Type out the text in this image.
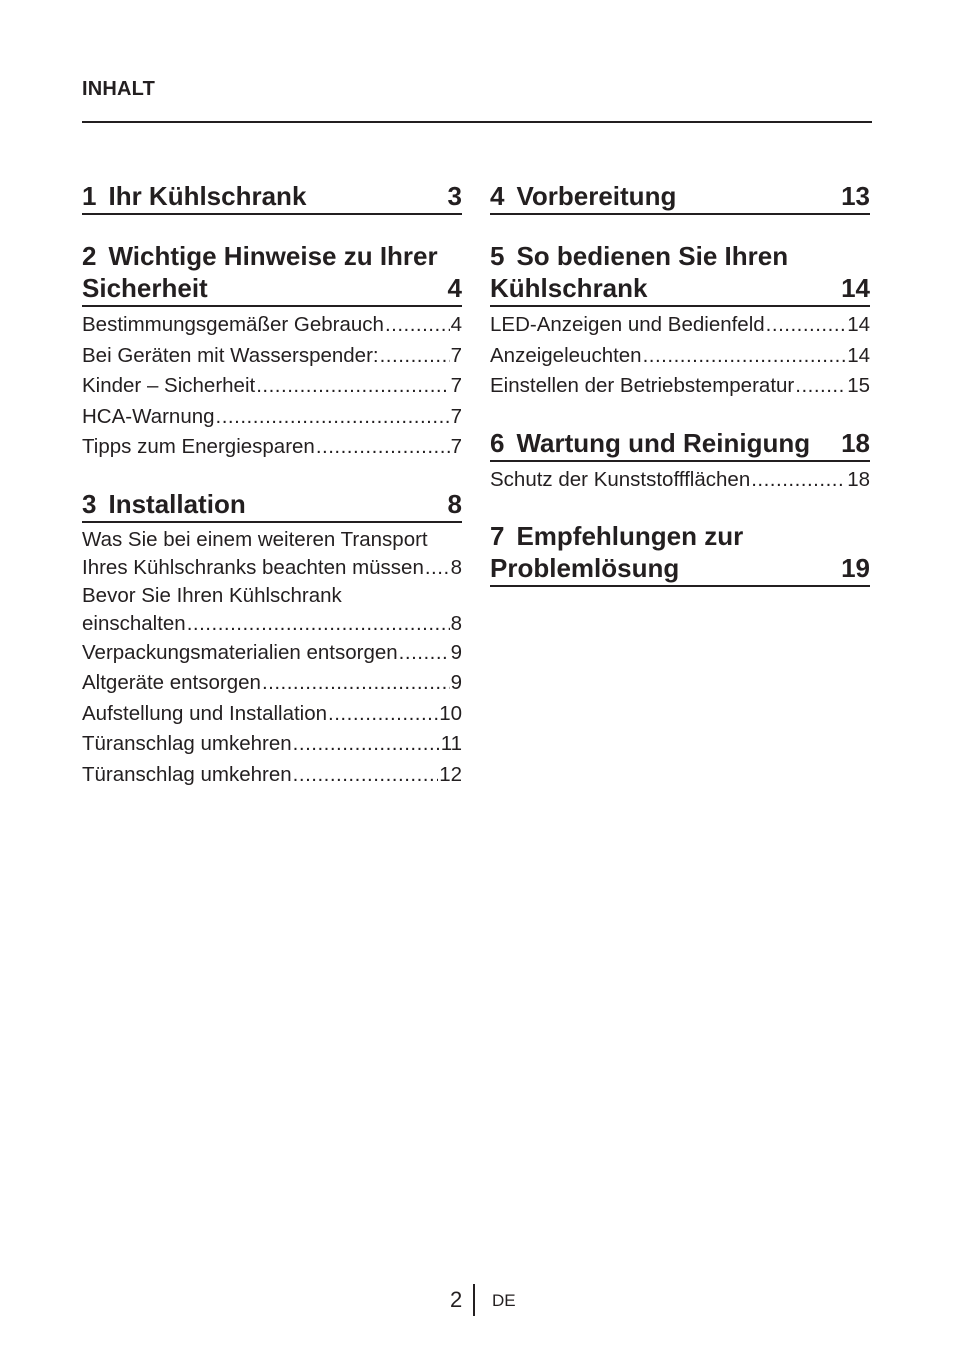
INHALT
1 Ihr Kühlschrank	3
2 Wichtige Hinweise zu Ihrer
Sicherheit	4
Bestimmungsgemäßer Gebrauch .....	4
Bei Geräten mit Wasserspender: .....	7
Kinder – Sicherheit .....	7
HCA-Warnung .....	7
Tipps zum Energiesparen .....	7
3 Installation	8
Was Sie bei einem weiteren Transport
Ihres Kühlschranks beachten müssen ..... 8
Bevor Sie Ihren Kühlschrank
einschalten .....	8
Verpackungsmaterialien entsorgen .....	9
Altgeräte entsorgen .....	9
Aufstellung und Installation .....	10
Türanschlag umkehren .....	11
Türanschlag umkehren .....	12
4 Vorbereitung	13
5 So bedienen Sie Ihren
Kühlschrank	14
LED-Anzeigen und Bedienfeld .....	14
Anzeigeleuchten .....	14
Einstellen der Betriebstemperatur .....	15
6 Wartung und Reinigung 18
Schutz der Kunststoffflächen .....	18
7 Empfehlungen zur
Problemlösung	19
2 DE
